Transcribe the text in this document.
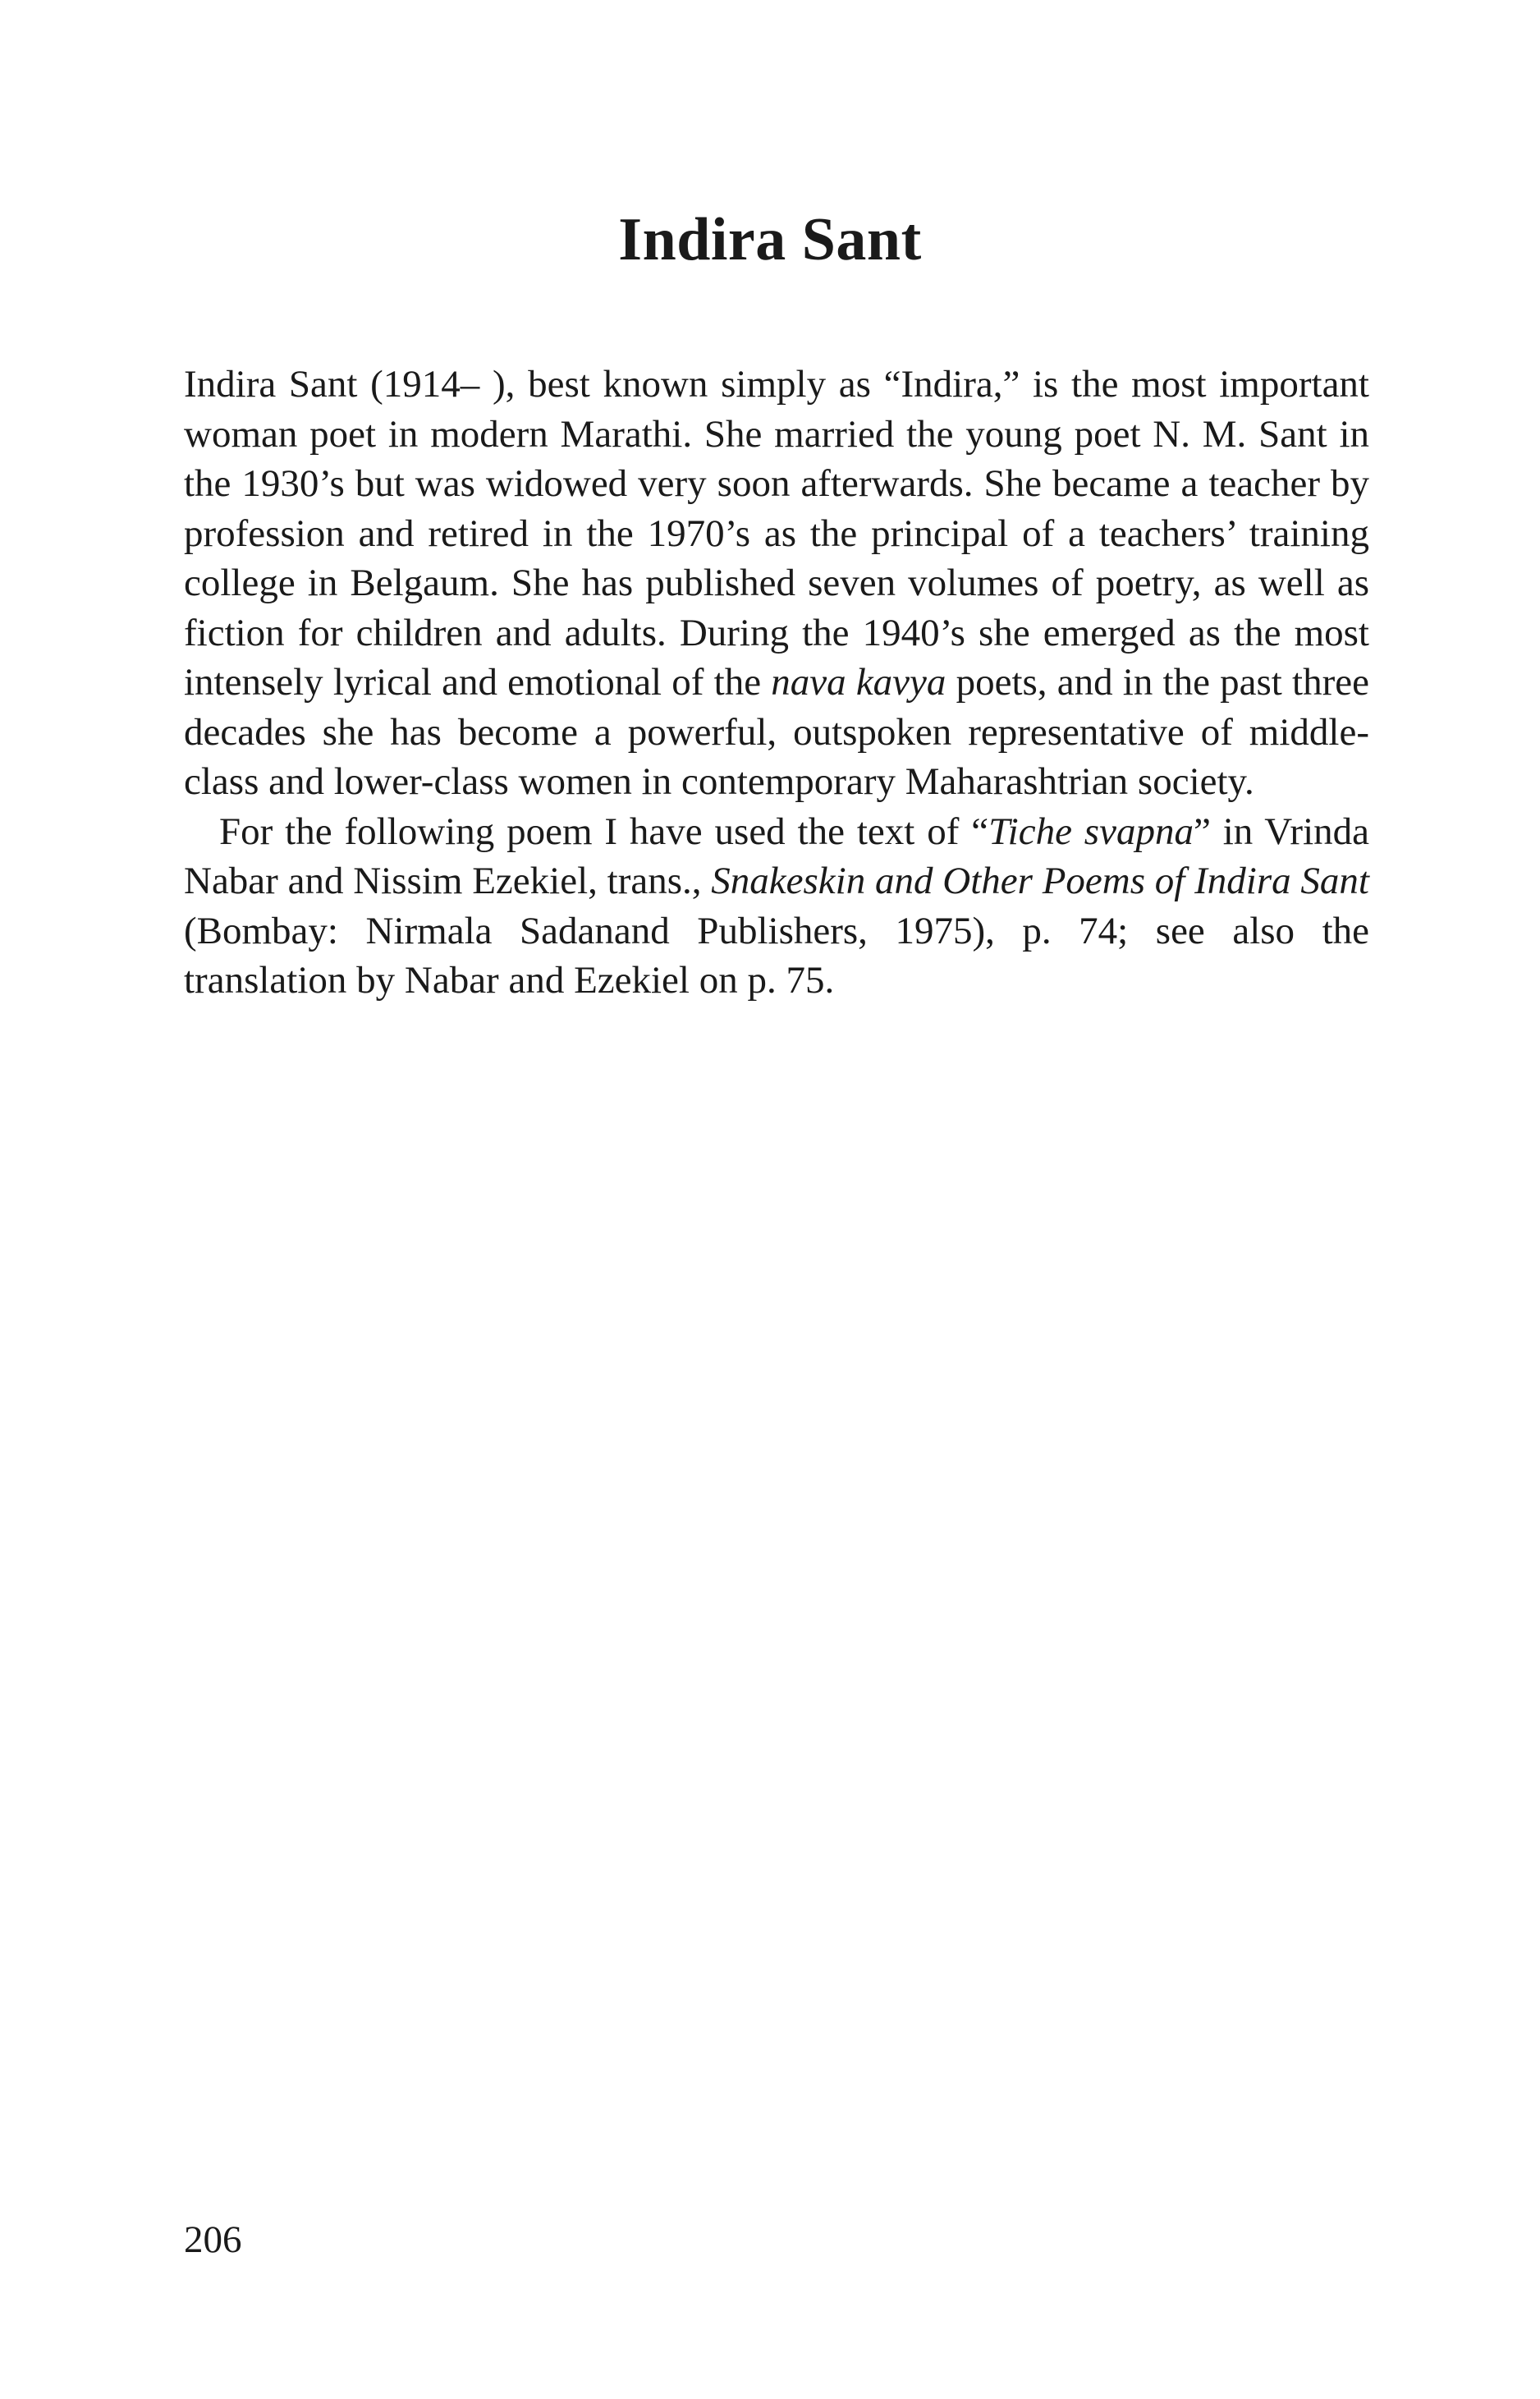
Indira Sant

Indira Sant (1914– ), best known simply as “Indira,” is the most important woman poet in modern Marathi. She married the young poet N. M. Sant in the 1930’s but was widowed very soon afterwards. She became a teacher by profession and retired in the 1970’s as the principal of a teachers’ training college in Belgaum. She has published seven volumes of poetry, as well as fiction for children and adults. During the 1940’s she emerged as the most intensely lyrical and emotional of the nava kavya poets, and in the past three decades she has become a powerful, outspoken representative of middle-class and lower-class women in contemporary Maharashtrian society.

For the following poem I have used the text of “Tiche svapna” in Vrinda Nabar and Nissim Ezekiel, trans., Snakeskin and Other Poems of Indira Sant (Bombay: Nirmala Sadanand Publishers, 1975), p. 74; see also the translation by Nabar and Ezekiel on p. 75.

206
